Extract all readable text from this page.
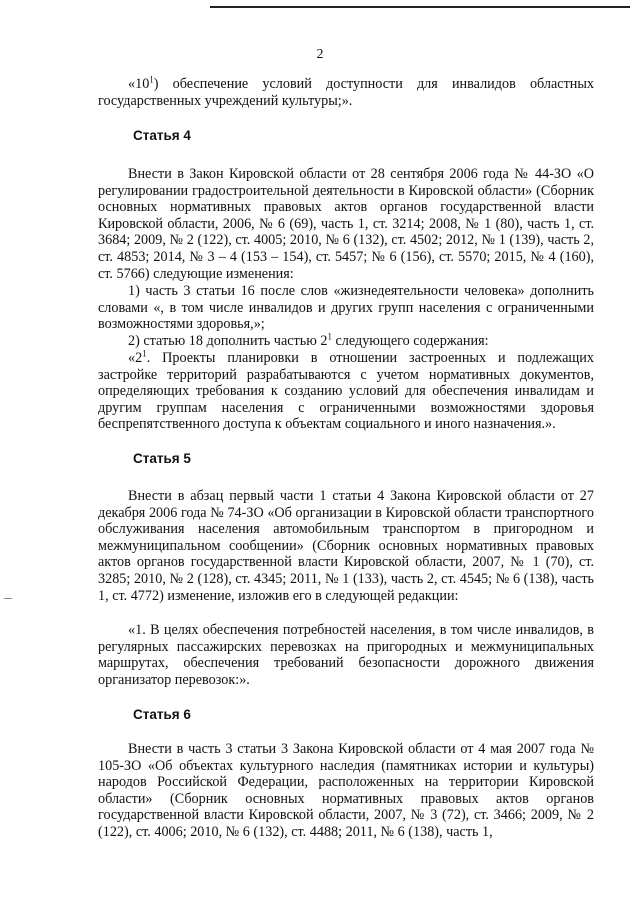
2

«$10^1$) обеспечение условий доступности для инвалидов областных государственных учреждений культуры;».

Статья 4

Внести в Закон Кировской области от 28 сентября 2006 года № 44-ЗО «О регулировании градостроительной деятельности в Кировской области» (Сборник основных нормативных правовых актов органов государственной власти Кировской области, 2006, № 6 (69), часть 1, ст. 3214; 2008, № 1 (80), часть 1, ст. 3684; 2009, № 2 (122), ст. 4005; 2010, № 6 (132), ст. 4502; 2012, № 1 (139), часть 2, ст. 4853; 2014, № 3 – 4 (153 – 154), ст. 5457; № 6 (156), ст. 5570; 2015, № 4 (160), ст. 5766) следующие изменения:

1) часть 3 статьи 16 после слов «жизнедеятельности человека» дополнить словами «, в том числе инвалидов и других групп населения с ограниченными возможностями здоровья,»;

2) статью 18 дополнить частью $2^1$ следующего содержания:

«$2^1$. Проекты планировки в отношении застроенных и подлежащих застройке территорий разрабатываются с учетом нормативных документов, определяющих требования к созданию условий для обеспечения инвалидам и другим группам населения с ограниченными возможностями здоровья беспрепятственного доступа к объектам социального и иного назначения.».

Статья 5

Внести в абзац первый части 1 статьи 4 Закона Кировской области от 27 декабря 2006 года № 74-ЗО «Об организации в Кировской области транспортного обслуживания населения автомобильным транспортом в пригородном и межмуниципальном сообщении» (Сборник основных нормативных правовых актов органов государственной власти Кировской области, 2007, № 1 (70), ст. 3285; 2010, № 2 (128), ст. 4345; 2011, № 1 (133), часть 2, ст. 4545; № 6 (138), часть 1, ст. 4772) изменение, изложив его в следующей редакции:

«1. В целях обеспечения потребностей населения, в том числе инвалидов, в регулярных пассажирских перевозках на пригородных и межмуниципальных маршрутах, обеспечения требований безопасности дорожного движения организатор перевозок:».

Статья 6

Внести в часть 3 статьи 3 Закона Кировской области от 4 мая 2007 года № 105-ЗО «Об объектах культурного наследия (памятниках истории и культуры) народов Российской Федерации, расположенных на территории Кировской области» (Сборник основных нормативных правовых актов органов государственной власти Кировской области, 2007, № 3 (72), ст. 3466; 2009, № 2 (122), ст. 4006; 2010, № 6 (132), ст. 4488; 2011, № 6 (138), часть 1,
